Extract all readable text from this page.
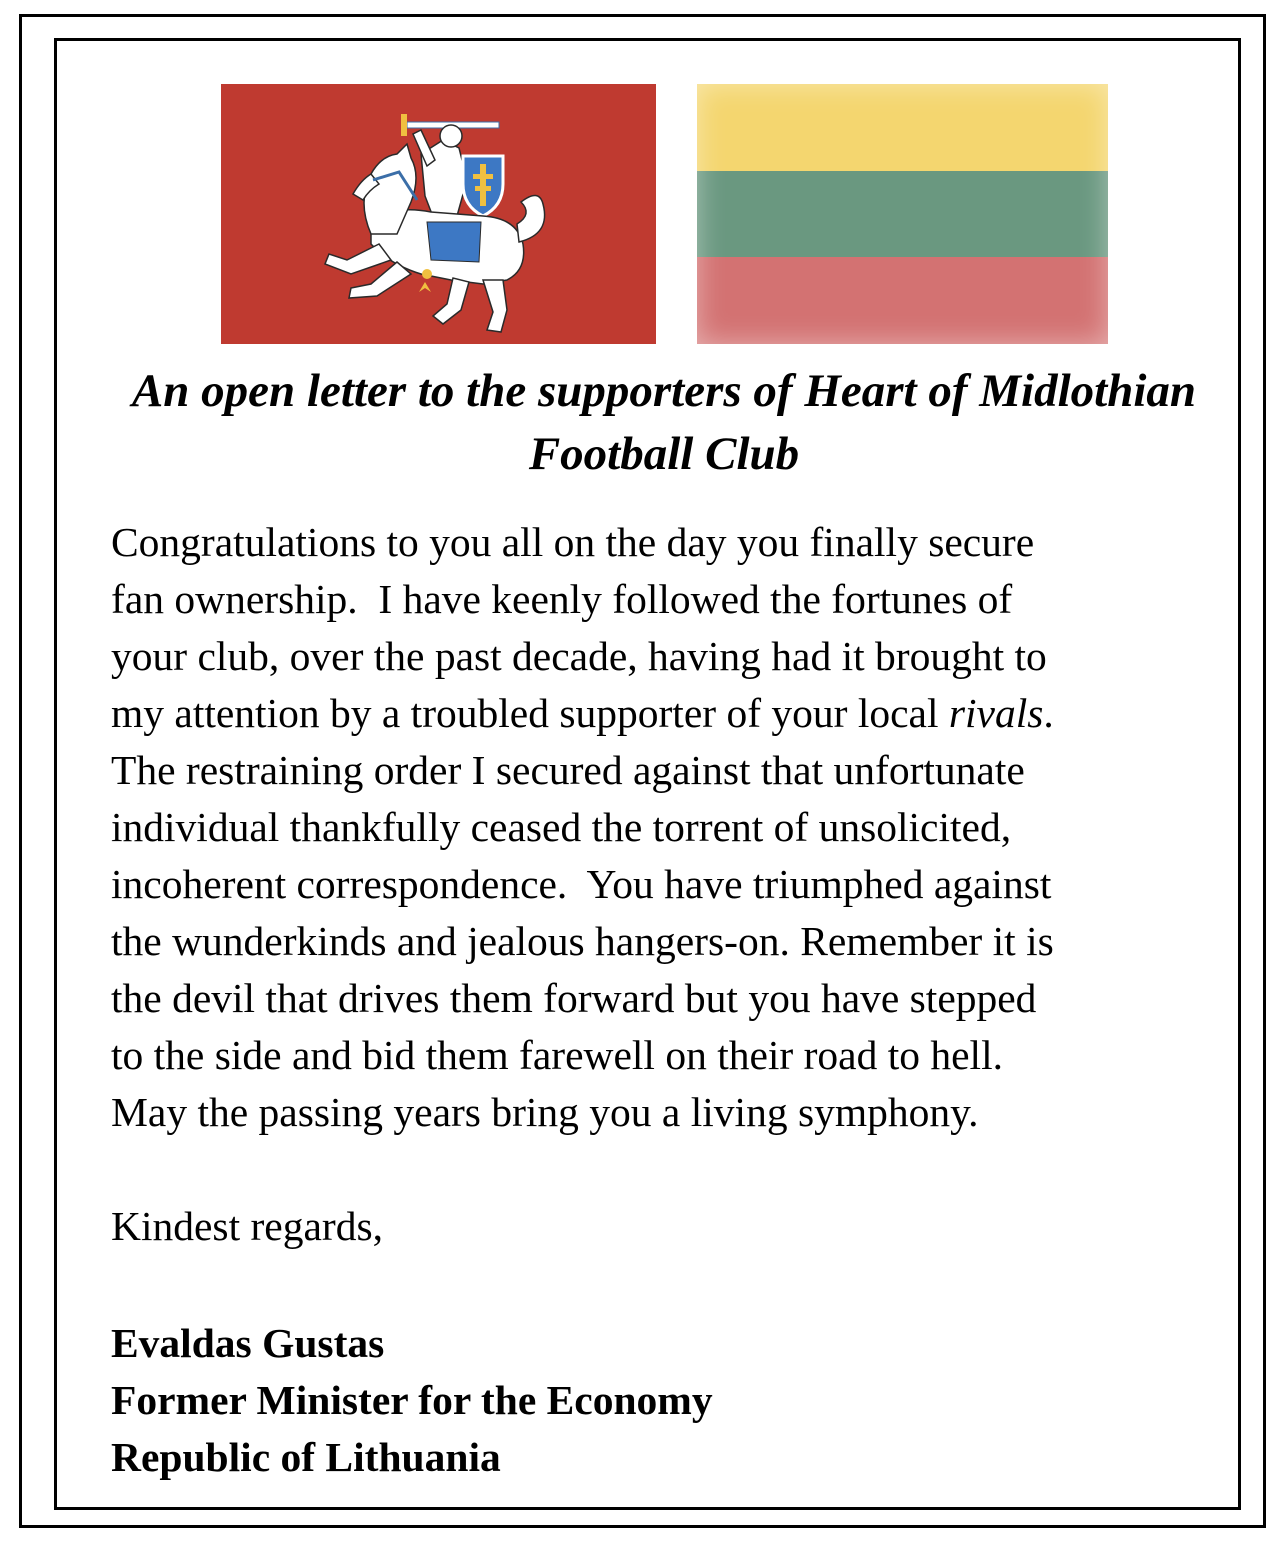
An open letter to the supporters of Heart of Midlothian Football Club

Congratulations to you all on the day you finally secure
fan ownership.  I have keenly followed the fortunes of
your club, over the past decade, having had it brought to
my attention by a troubled supporter of your local rivals.
The restraining order I secured against that unfortunate
individual thankfully ceased the torrent of unsolicited,
incoherent correspondence.  You have triumphed against
the wunderkinds and jealous hangers-on. Remember it is
the devil that drives them forward but you have stepped
to the side and bid them farewell on their road to hell.
May the passing years bring you a living symphony.

Kindest regards,

Evaldas Gustas
Former Minister for the Economy
Republic of Lithuania
